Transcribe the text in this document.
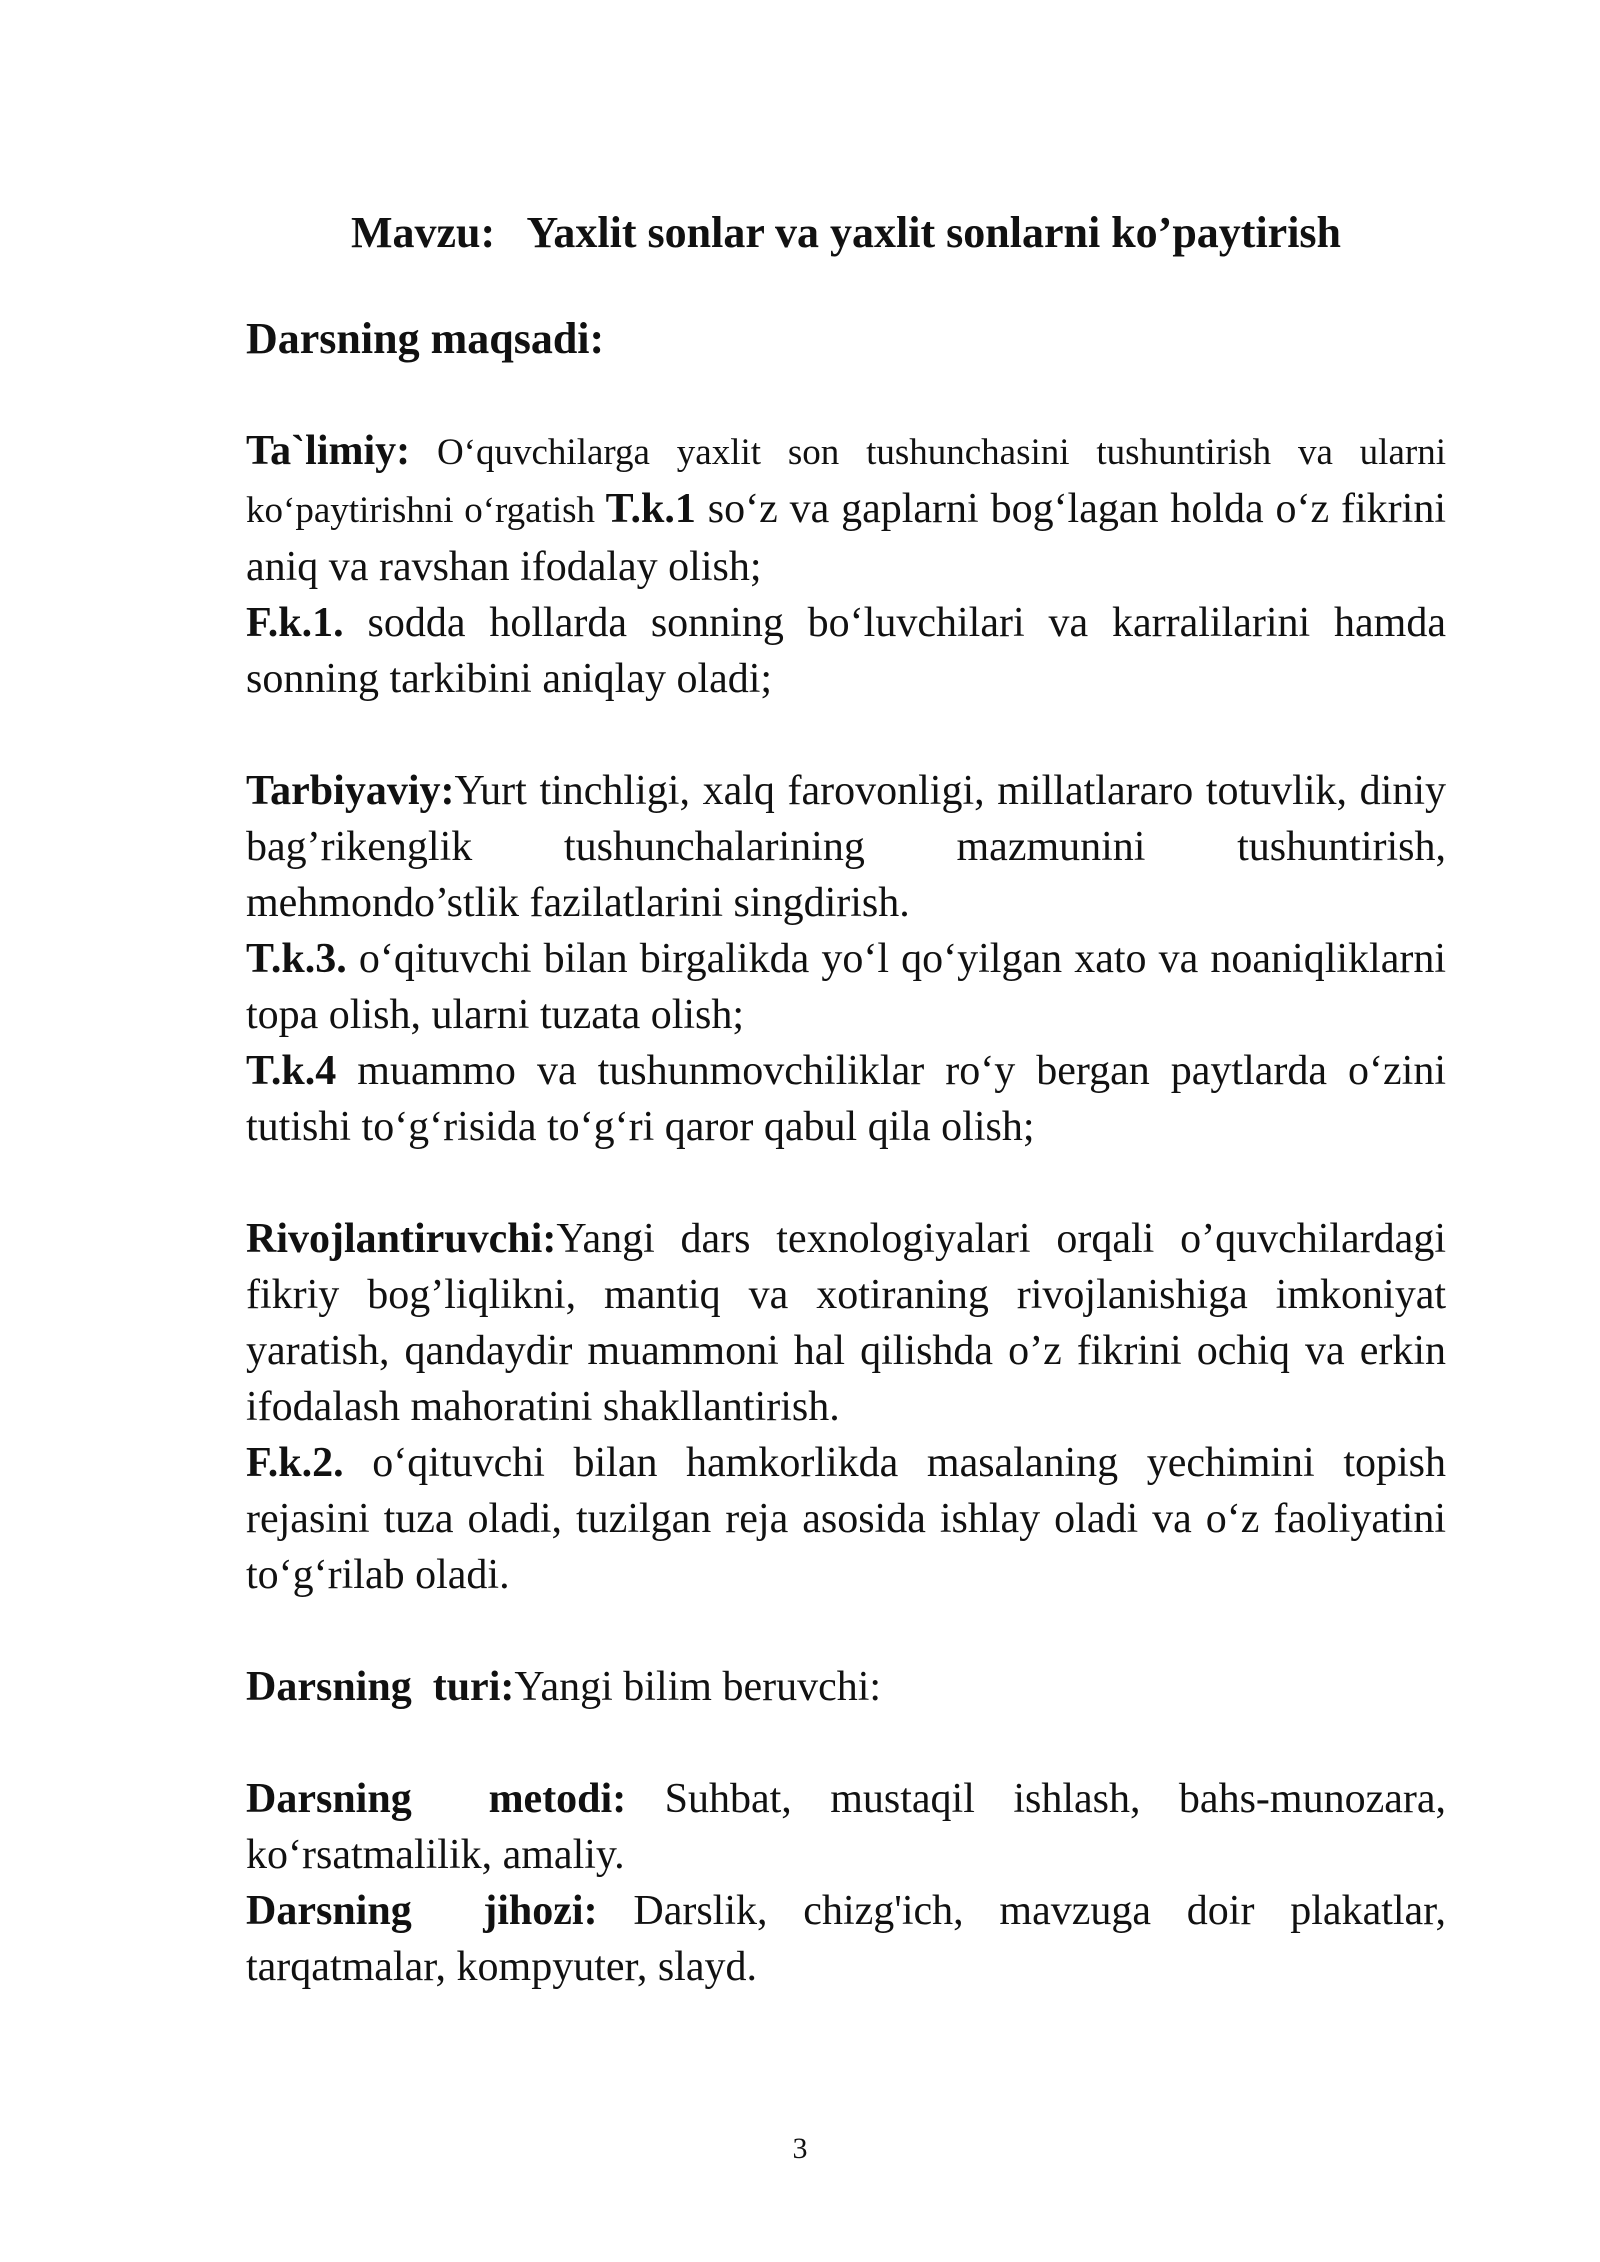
Mavzu:   Yaxlit sonlar va yaxlit sonlarni ko’paytirish
Darsning maqsadi:

Ta`limiy: O‘quvchilarga yaxlit son tushunchasini tushuntirish va ularni ko‘paytirishni o‘rgatish T.k.1 so‘z va gaplarni bog‘lagan holda o‘z fikrini aniq va ravshan ifodalay olish;
F.k.1. sodda hollarda sonning bo‘luvchilari va karralilarini hamda sonning tarkibini aniqlay oladi;

Tarbiyaviy:Yurt tinchligi, xalq farovonligi, millatlararo totuvlik, diniy bag’rikenglik tushunchalarining mazmunini tushuntirish, mehmondo’stlik fazilatlarini singdirish.
T.k.3. o‘qituvchi bilan birgalikda yo‘l qo‘yilgan xato va noaniqliklarni topa olish, ularni tuzata olish;
T.k.4 muammo va tushunmovchiliklar ro‘y bergan paytlarda o‘zini tutishi to‘g‘risida to‘g‘ri qaror qabul qila olish;

Rivojlantiruvchi:Yangi dars texnologiyalari orqali o’quvchilardagi fikriy bog’liqlikni, mantiq va xotiraning rivojlanishiga imkoniyat yaratish, qandaydir muammoni hal qilishda o’z fikrini ochiq va erkin ifodalash mahoratini shakllantirish.
F.k.2. o‘qituvchi bilan hamkorlikda masalaning yechimini topish rejasini tuza oladi, tuzilgan reja asosida ishlay oladi va o‘z faoliyatini to‘g‘rilab oladi.

Darsning  turi:Yangi bilim beruvchi:

Darsning  metodi: Suhbat, mustaqil ishlash, bahs-munozara, ko‘rsatmalilik, amaliy.

Darsning  jihozi: Darslik, chizg'ich, mavzuga doir plakatlar, tarqatmalar, kompyuter, slayd.

3
